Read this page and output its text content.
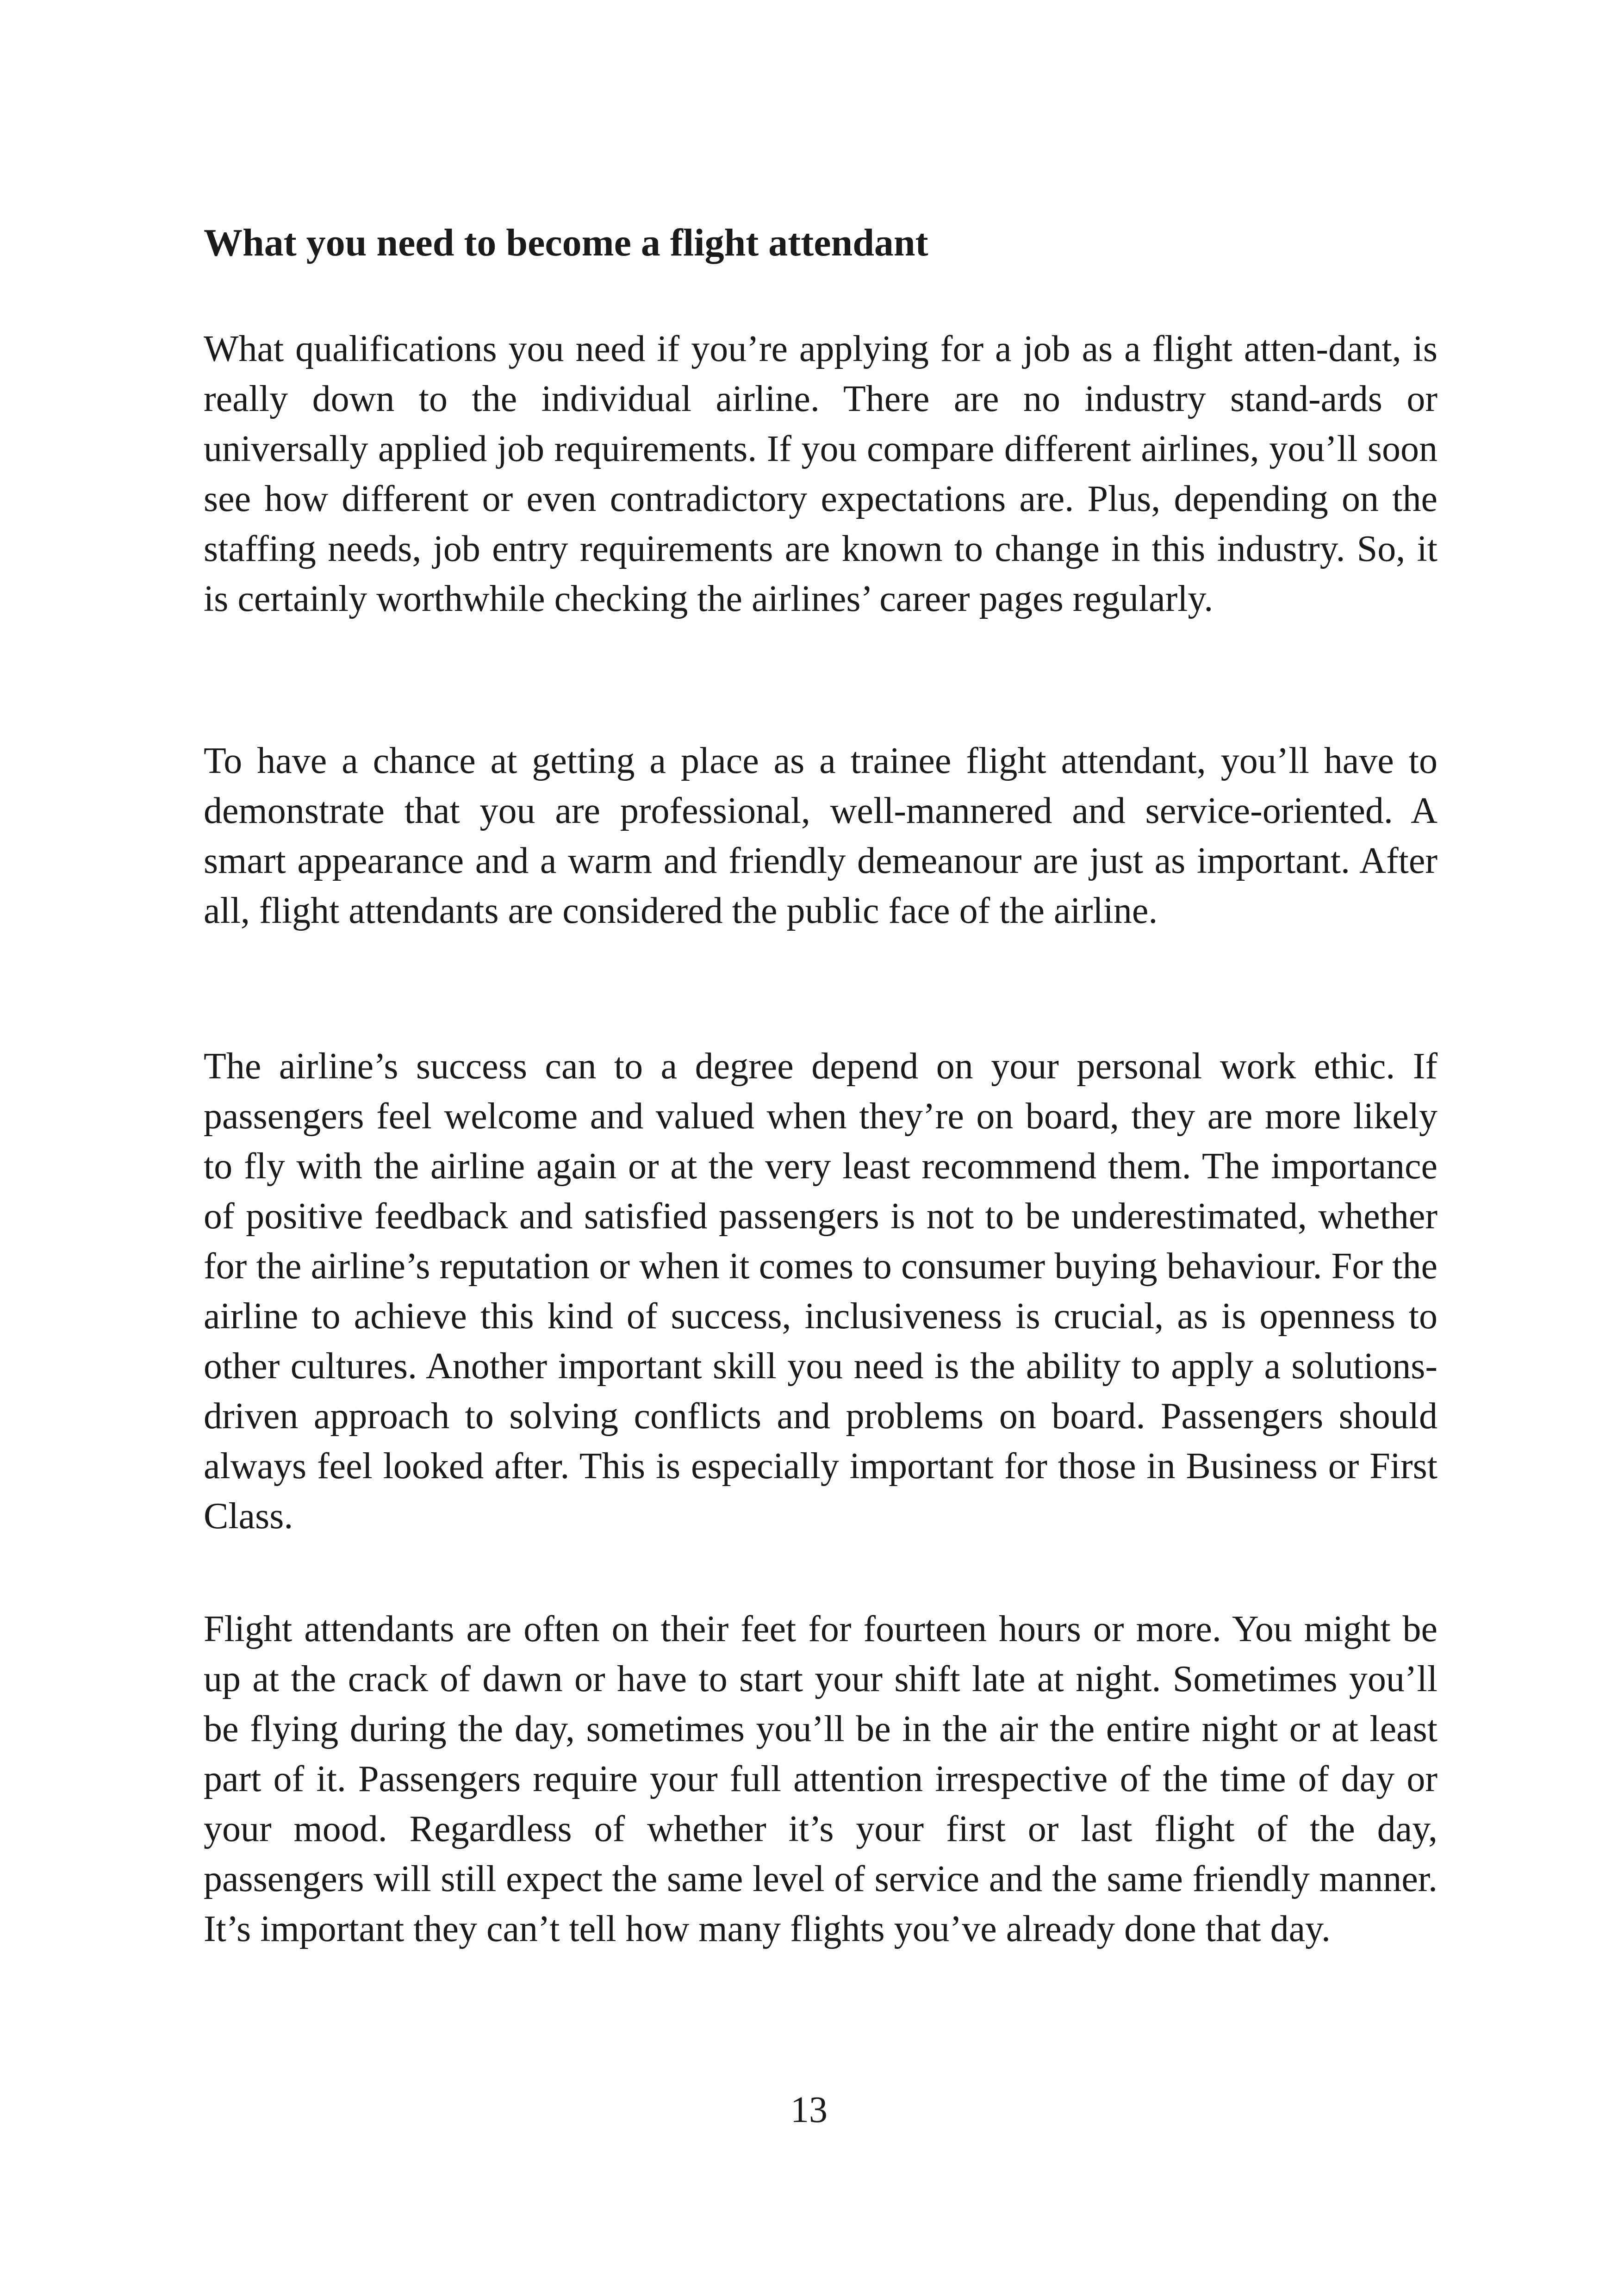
What you need to become a flight attendant

What qualifications you need if you’re applying for a job as a flight atten-dant, is really down to the individual airline. There are no industry stand-ards or universally applied job requirements. If you compare different airlines, you’ll soon see how different or even contradictory expectations are. Plus, depending on the staffing needs, job entry requirements are known to change in this industry. So, it is certainly worthwhile checking the airlines’ career pages regularly.

To have a chance at getting a place as a trainee flight attendant, you’ll have to demonstrate that you are professional, well-mannered and service-oriented. A smart appearance and a warm and friendly demeanour are just as important. After all, flight attendants are considered the public face of the airline.

The airline’s success can to a degree depend on your personal work ethic. If passengers feel welcome and valued when they’re on board, they are more likely to fly with the airline again or at the very least recommend them. The importance of positive feedback and satisfied passengers is not to be underestimated, whether for the airline’s reputation or when it comes to consumer buying behaviour. For the airline to achieve this kind of success, inclusiveness is crucial, as is openness to other cultures. Another important skill you need is the ability to apply a solutions-driven approach to solving conflicts and problems on board. Passengers should always feel looked after. This is especially important for those in Business or First Class.

Flight attendants are often on their feet for fourteen hours or more. You might be up at the crack of dawn or have to start your shift late at night. Sometimes you’ll be flying during the day, sometimes you’ll be in the air the entire night or at least part of it. Passengers require your full attention irrespective of the time of day or your mood. Regardless of whether it’s your first or last flight of the day, passengers will still expect the same level of service and the same friendly manner. It’s important they can’t tell how many flights you’ve already done that day.

13
